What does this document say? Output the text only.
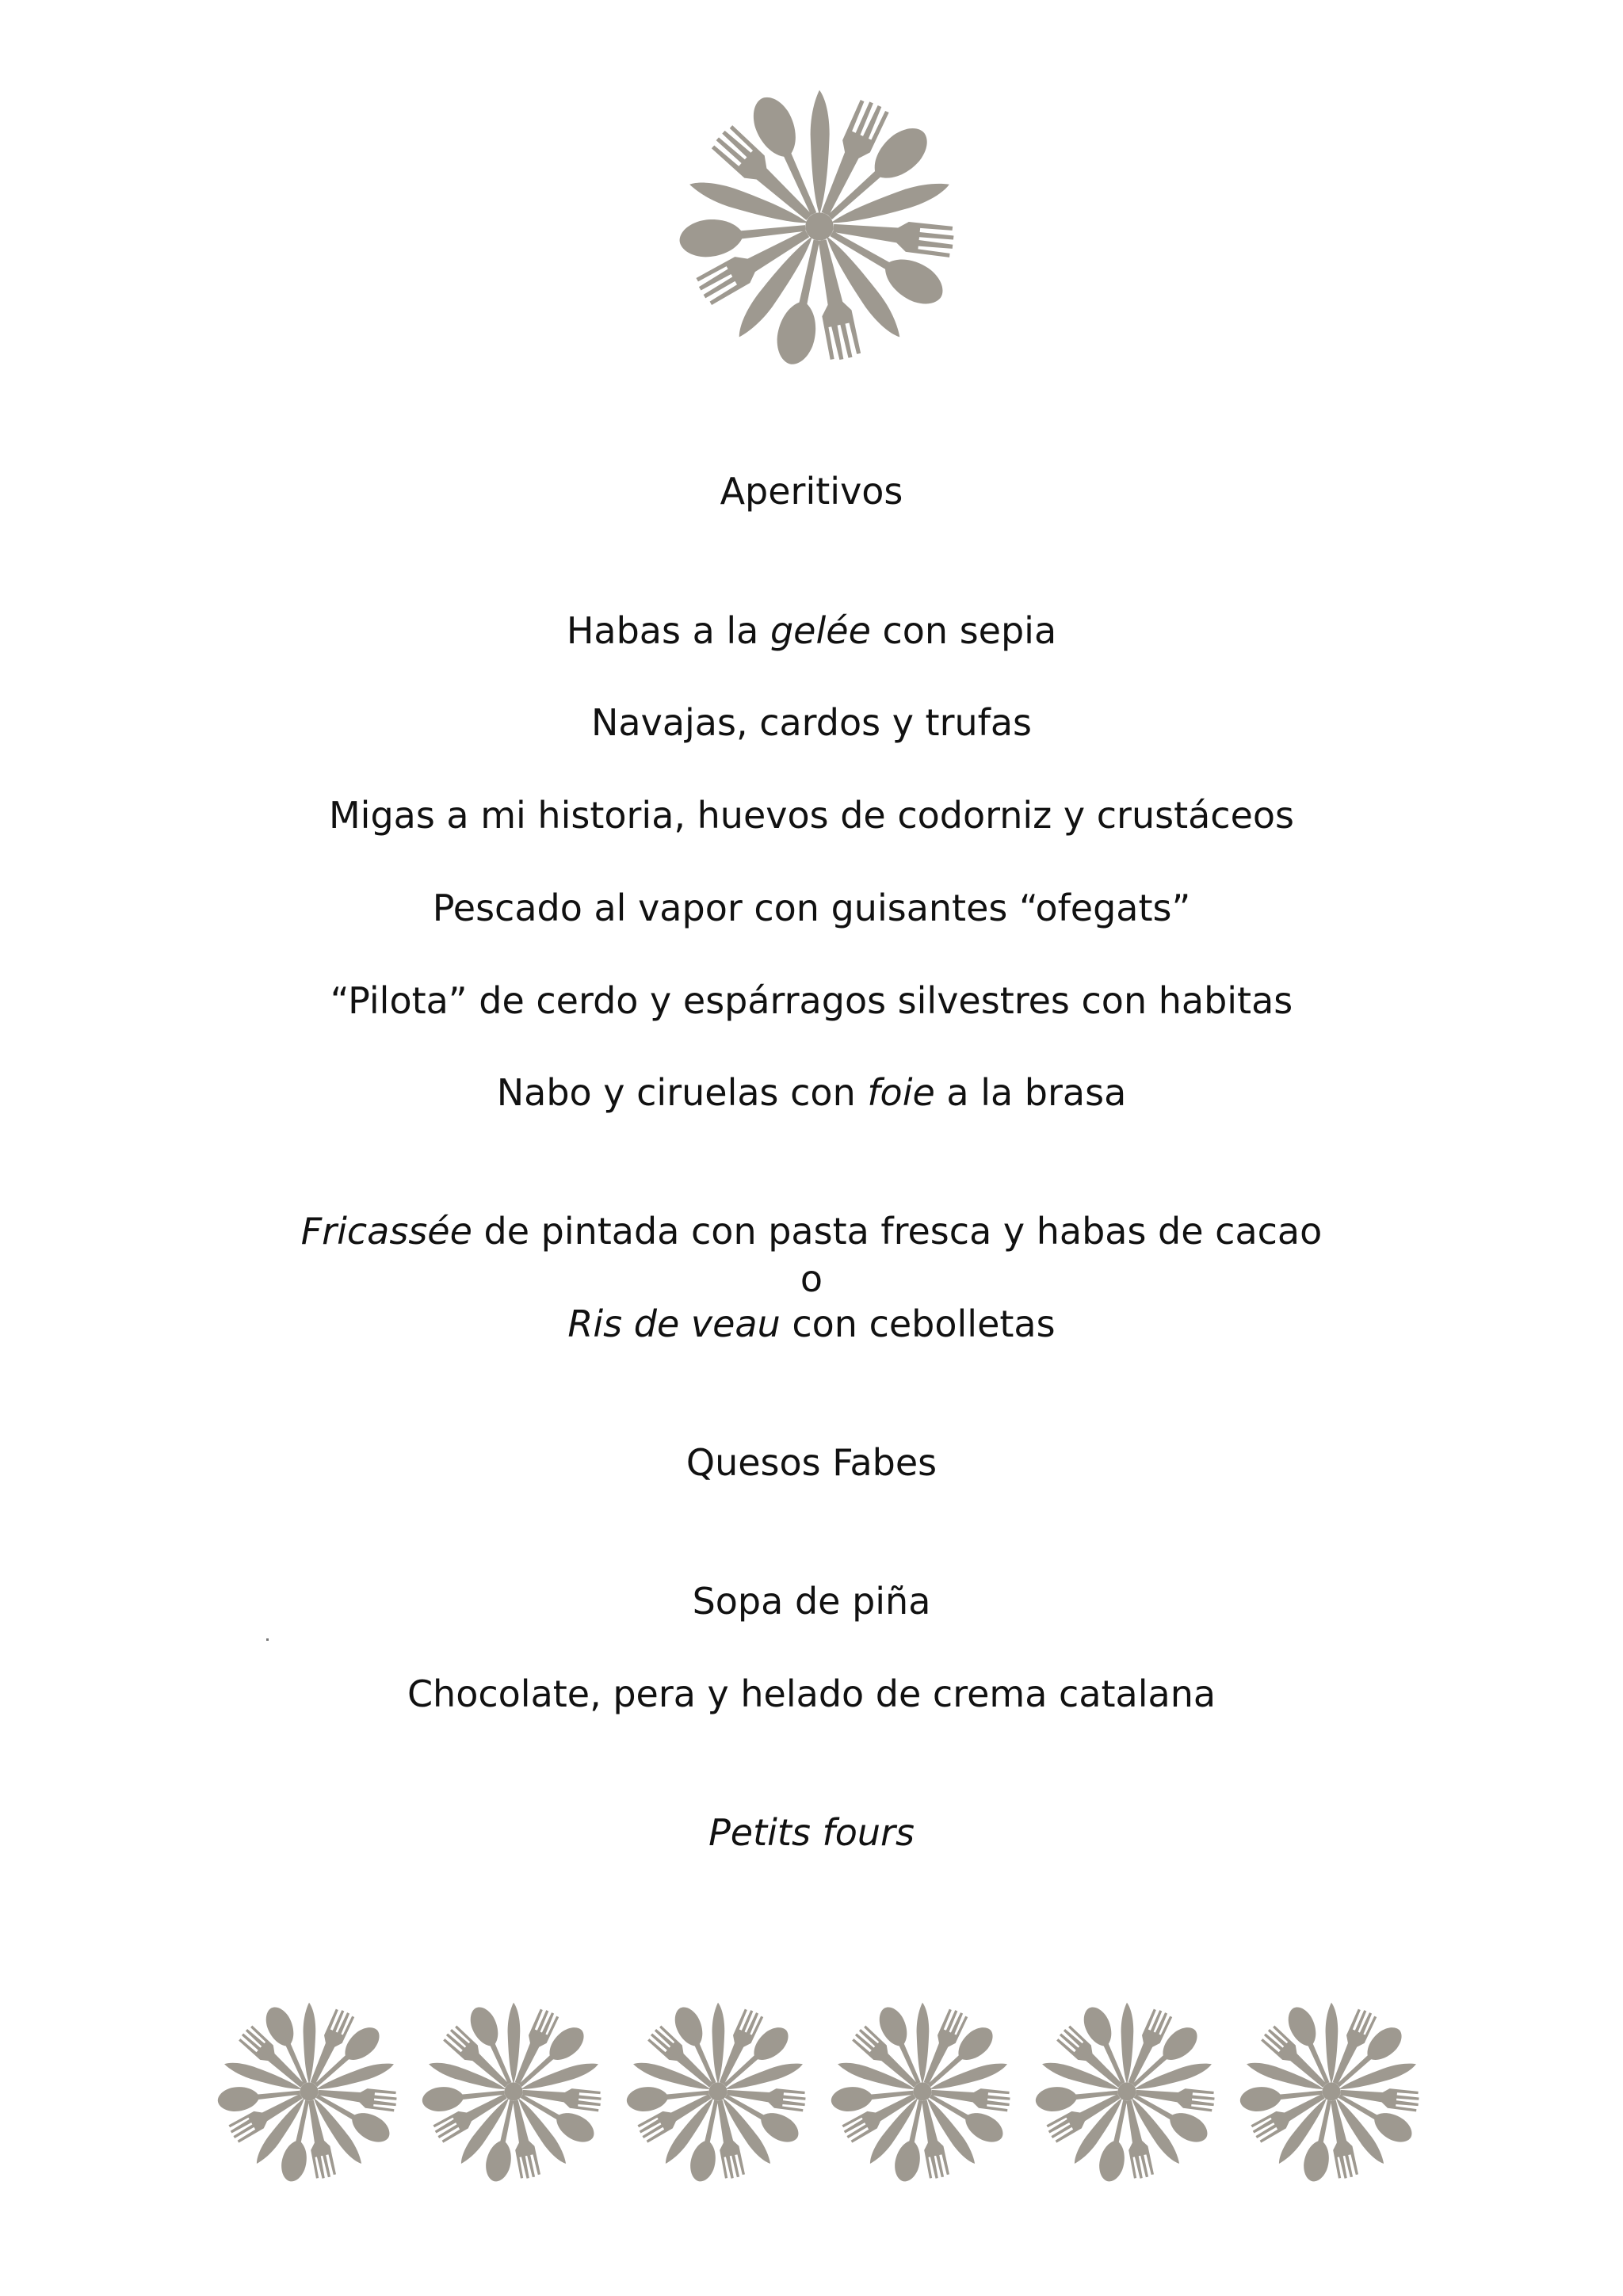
Aperitivos

Habas a la gelée con sepia

Navajas, cardos y trufas

Migas a mi historia, huevos de codorniz y crustáceos

Pescado al vapor con guisantes “ofegats”

“Pilota” de cerdo y espárragos silvestres con habitas

Nabo y ciruelas con foie a la brasa

Fricassée de pintada con pasta fresca y habas de cacao

o

Ris de veau con cebolletas

Quesos Fabes

Sopa de piña

Chocolate, pera y helado de crema catalana

Petits fours
